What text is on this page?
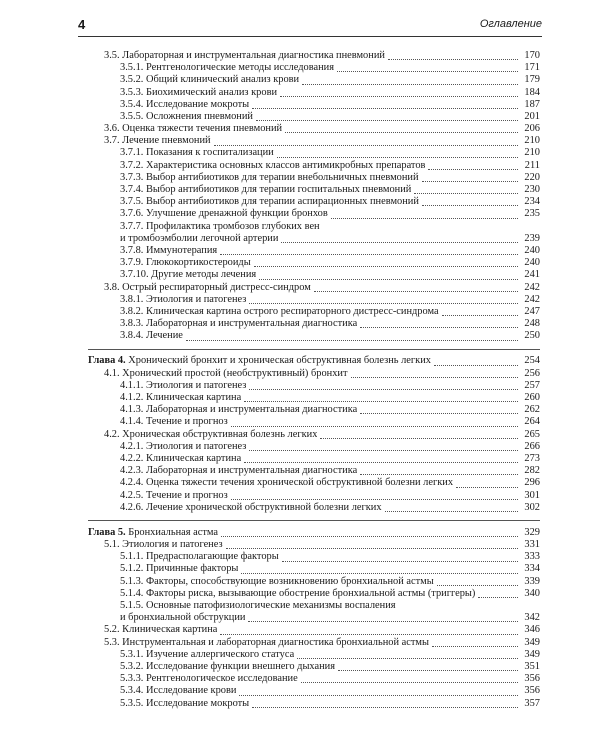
4	Оглавление
3.5. Лабораторная и инструментальная диагностика пневмоний	170
3.5.1. Рентгенологические методы исследования	171
3.5.2. Общий клинический анализ крови	179
3.5.3. Биохимический анализ крови	184
3.5.4. Исследование мокроты	187
3.5.5. Осложнения пневмоний	201
3.6. Оценка тяжести течения пневмоний	206
3.7. Лечение пневмоний	210
3.7.1. Показания к госпитализации	210
3.7.2. Характеристика основных классов антимикробных препаратов	211
3.7.3. Выбор антибиотиков для терапии внебольничных пневмоний	220
3.7.4. Выбор антибиотиков для терапии госпитальных пневмоний	230
3.7.5. Выбор антибиотиков для терапии аспирационных пневмоний	234
3.7.6. Улучшение дренажной функции бронхов	235
3.7.7. Профилактика тромбозов глубоких вен
и тромбоэмболии легочной артерии	239
3.7.8. Иммунотерапия	240
3.7.9. Глюкокортикостероиды	240
3.7.10. Другие методы лечения	241
3.8. Острый респираторный дистресс-синдром	242
3.8.1. Этиология и патогенез	242
3.8.2. Клиническая картина острого респираторного дистресс-синдрома	247
3.8.3. Лабораторная и инструментальная диагностика	248
3.8.4. Лечение	250
Глава 4. Хронический бронхит и хроническая обструктивная болезнь легких	254
4.1. Хронический простой (необструктивный) бронхит	256
4.1.1. Этиология и патогенез	257
4.1.2. Клиническая картина	260
4.1.3. Лабораторная и инструментальная диагностика	262
4.1.4. Течение и прогноз	264
4.2. Хроническая обструктивная болезнь легких	265
4.2.1. Этиология и патогенез	266
4.2.2. Клиническая картина	273
4.2.3. Лабораторная и инструментальная диагностика	282
4.2.4. Оценка тяжести течения хронической обструктивной болезни легких	296
4.2.5. Течение и прогноз	301
4.2.6. Лечение хронической обструктивной болезни легких	302
Глава 5. Бронхиальная астма	329
5.1. Этиология и патогенез	331
5.1.1. Предрасполагающие факторы	333
5.1.2. Причинные факторы	334
5.1.3. Факторы, способствующие возникновению бронхиальной астмы	339
5.1.4. Факторы риска, вызывающие обострение бронхиальной астмы (триггеры)	340
5.1.5. Основные патофизиологические механизмы воспаления
и бронхиальной обструкции	342
5.2. Клиническая картина	346
5.3. Инструментальная и лабораторная диагностика бронхиальной астмы	349
5.3.1. Изучение аллергического статуса	349
5.3.2. Исследование функции внешнего дыхания	351
5.3.3. Рентгенологическое исследование	356
5.3.4. Исследование крови	356
5.3.5. Исследование мокроты	357
